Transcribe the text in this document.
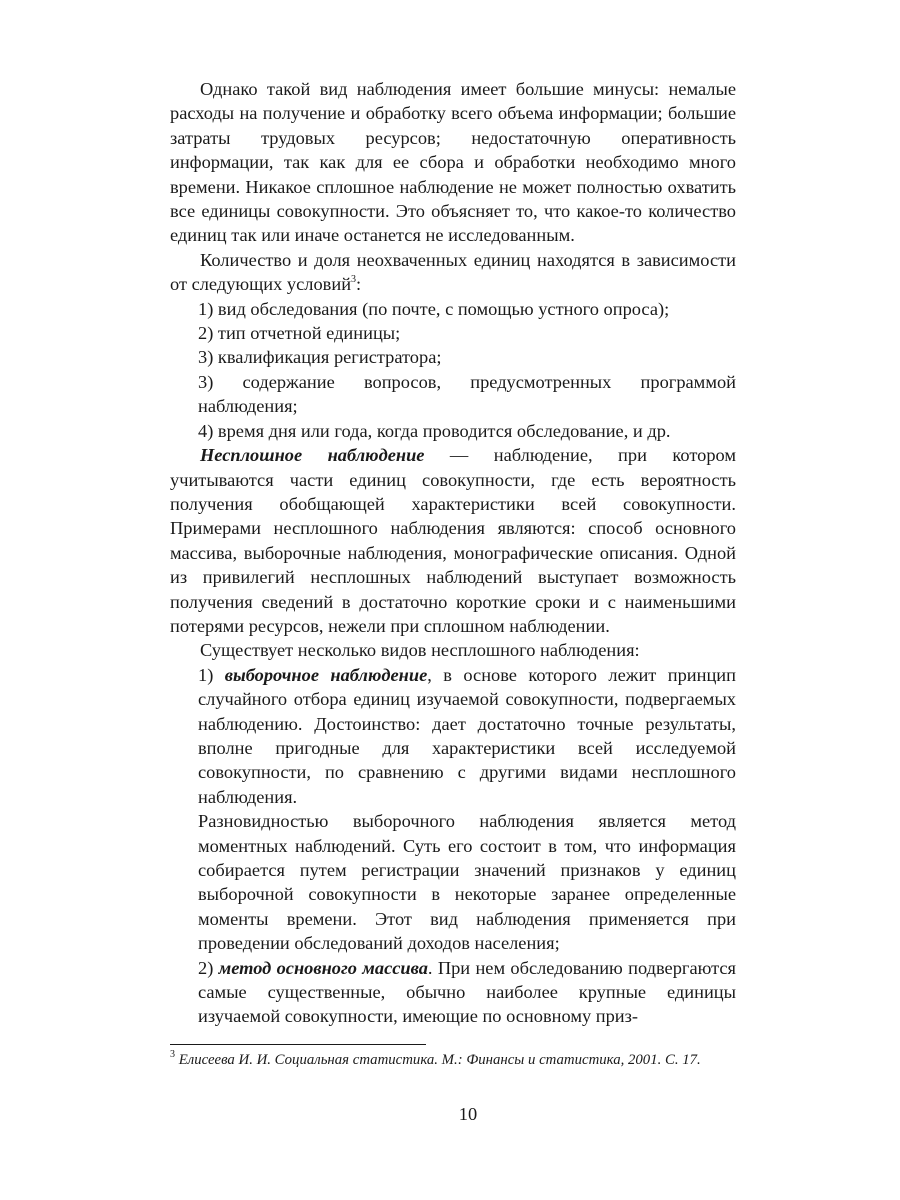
Однако такой вид наблюдения имеет большие минусы: немалые расходы на получение и обработку всего объема информации; большие затраты трудовых ресурсов; недостаточную оперативность информации, так как для ее сбора и обработки необходимо много времени. Никакое сплошное наблюдение не может полностью охватить все единицы совокупности. Это объясняет то, что какое-то количество единиц так или иначе останется не исследованным.

Количество и доля неохваченных единиц находятся в зависимости от следующих условий$^3$:

1) вид обследования (по почте, с помощью устного опроса);

2) тип отчетной единицы;

3) квалификация регистратора;

3) содержание вопросов, предусмотренных программой наблюдения;

4) время дня или года, когда проводится обследование, и др.

Несплошное наблюдение — наблюдение, при котором учитываются части единиц совокупности, где есть вероятность получения обобщающей характеристики всей совокупности. Примерами несплошного наблюдения являются: способ основного массива, выборочные наблюдения, монографические описания. Одной из привилегий несплошных наблюдений выступает возможность получения сведений в достаточно короткие сроки и с наименьшими потерями ресурсов, нежели при сплошном наблюдении.

Существует несколько видов несплошного наблюдения:

1) выборочное наблюдение, в основе которого лежит принцип случайного отбора единиц изучаемой совокупности, подвергаемых наблюдению. Достоинство: дает достаточно точные результаты, вполне пригодные для характеристики всей исследуемой совокупности, по сравнению с другими видами несплошного наблюдения.

Разновидностью выборочного наблюдения является метод моментных наблюдений. Суть его состоит в том, что информация собирается путем регистрации значений признаков у единиц выборочной совокупности в некоторые заранее определенные моменты времени. Этот вид наблюдения применяется при проведении обследований доходов населения;

2) метод основного массива. При нем обследованию подвергаются самые существенные, обычно наиболее крупные единицы изучаемой совокупности, имеющие по основному приз-

$^3$ Елисеева И. И. Социальная статистика. М.: Финансы и статистика, 2001. С. 17.
10
